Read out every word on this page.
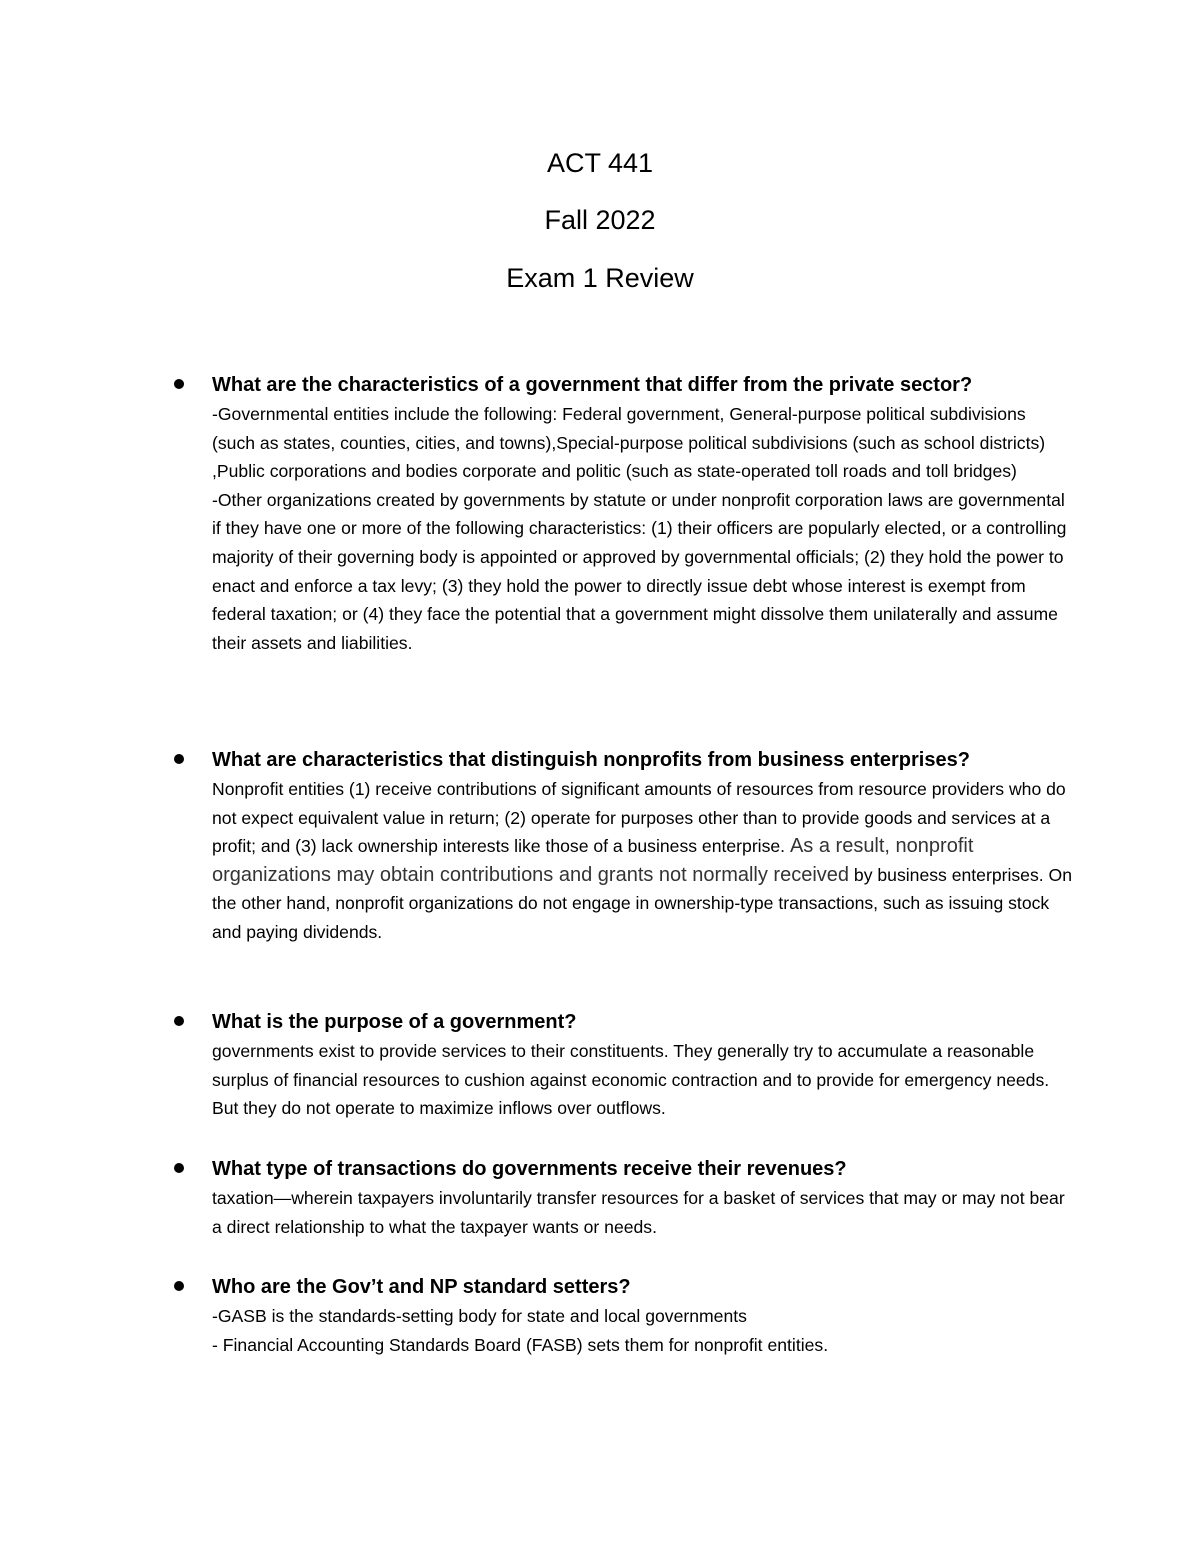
ACT 441
Fall 2022
Exam 1 Review
What are the characteristics of a government that differ from the private sector?

-Governmental entities include the following: Federal government, General-purpose political subdivisions (such as states, counties, cities, and towns),Special-purpose political subdivisions (such as school districts) ,Public corporations and bodies corporate and politic (such as state-operated toll roads and toll bridges)

-Other organizations created by governments by statute or under nonprofit corporation laws are governmental if they have one or more of the following characteristics: (1) their officers are popularly elected, or a controlling majority of their governing body is appointed or approved by governmental officials; (2) they hold the power to enact and enforce a tax levy; (3) they hold the power to directly issue debt whose interest is exempt from federal taxation; or (4) they face the potential that a government might dissolve them unilaterally and assume their assets and liabilities.

What are characteristics that distinguish nonprofits from business enterprises?
Nonprofit entities (1) receive contributions of significant amounts of resources from resource providers who do not expect equivalent value in return; (2) operate for purposes other than to provide goods and services at a profit; and (3) lack ownership interests like those of a business enterprise. As a result, nonprofit organizations may obtain contributions and grants not normally received by business enterprises. On the other hand, nonprofit organizations do not engage in ownership-type transactions, such as issuing stock and paying dividends.
What is the purpose of a government?
governments exist to provide services to their constituents. They generally try to accumulate a reasonable surplus of financial resources to cushion against economic contraction and to provide for emergency needs. But they do not operate to maximize inflows over outflows.
What type of transactions do governments receive their revenues?
taxation—wherein taxpayers involuntarily transfer resources for a basket of services that may or may not bear a direct relationship to what the taxpayer wants or needs.
Who are the Gov’t and NP standard setters?

-GASB is the standards-setting body for state and local governments

- Financial Accounting Standards Board (FASB) sets them for nonprofit entities.
